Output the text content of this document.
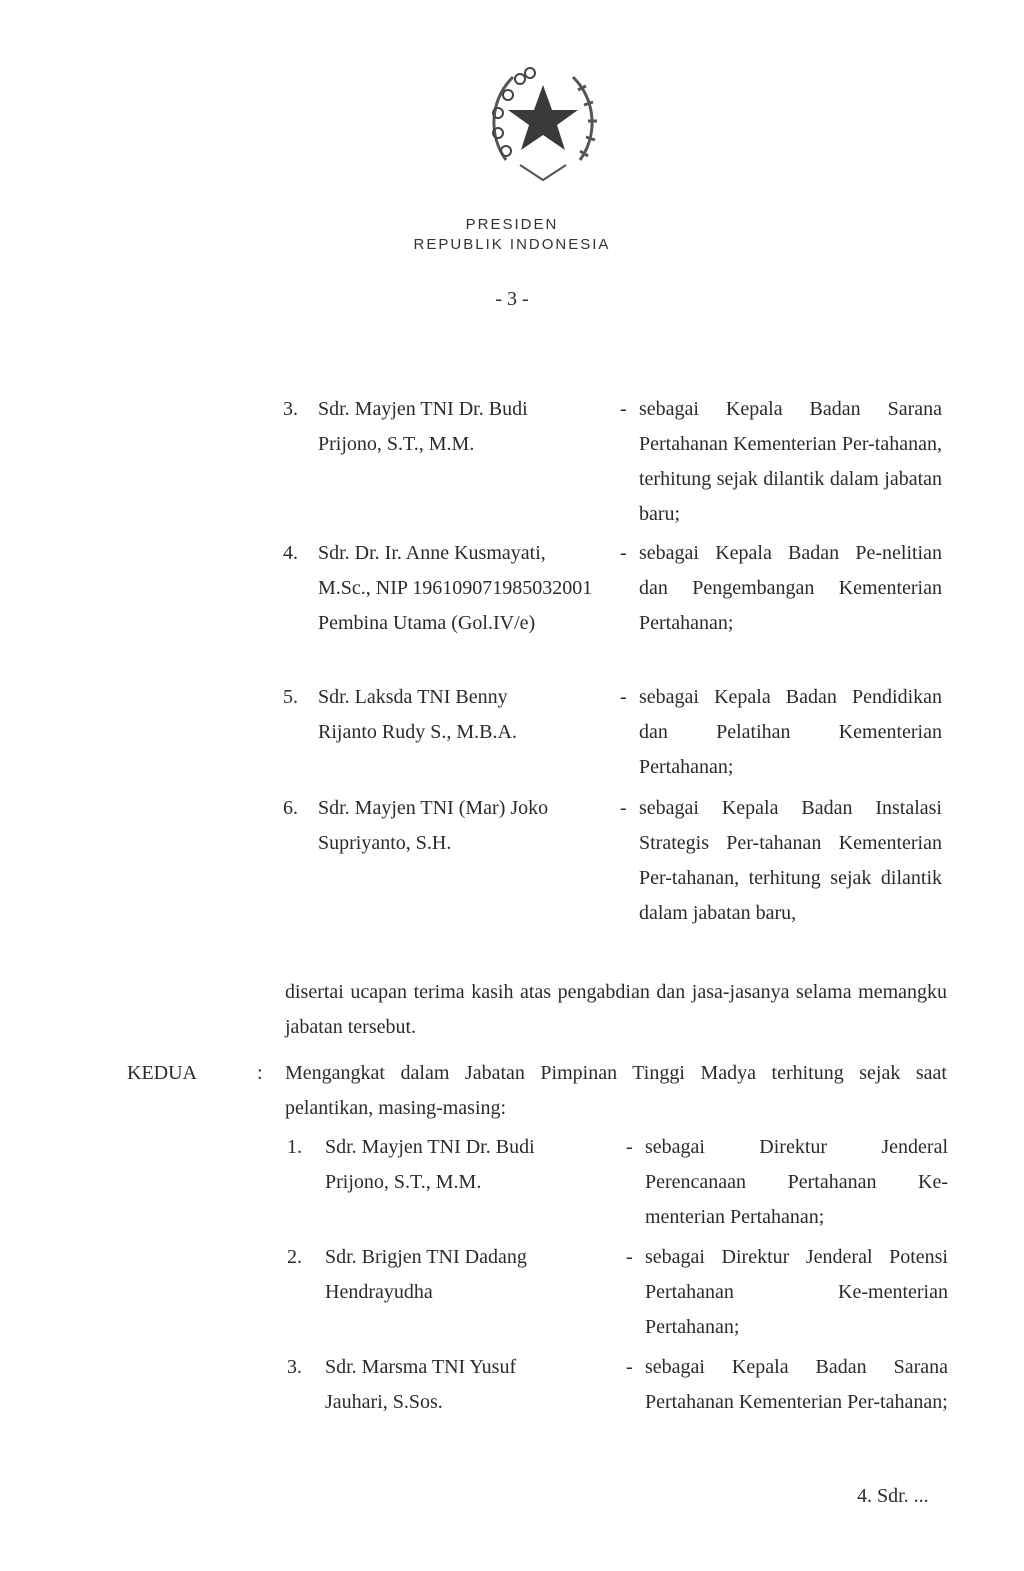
PRESIDEN
REPUBLIK INDONESIA
- 3 -
3. Sdr. Mayjen TNI Dr. Budi Prijono, S.T., M.M.
- sebagai Kepala Badan Sarana Pertahanan Kementerian Per-tahanan, terhitung sejak dilantik dalam jabatan baru;
4. Sdr. Dr. Ir. Anne Kusmayati, M.Sc., NIP 196109071985032001 Pembina Utama (Gol.IV/e)
- sebagai Kepala Badan Pe-nelitian dan Pengembangan Kementerian Pertahanan;
5. Sdr. Laksda TNI Benny Rijanto Rudy S., M.B.A.
- sebagai Kepala Badan Pendidikan dan Pelatihan Kementerian Pertahanan;
6. Sdr. Mayjen TNI (Mar) Joko Supriyanto, S.H.
- sebagai Kepala Badan Instalasi Strategis Per-tahanan Kementerian Per-tahanan, terhitung sejak dilantik dalam jabatan baru,
disertai ucapan terima kasih atas pengabdian dan jasa-jasanya selama memangku jabatan tersebut.
KEDUA	: Mengangkat dalam Jabatan Pimpinan Tinggi Madya terhitung sejak saat pelantikan, masing-masing:
1. Sdr. Mayjen TNI Dr. Budi Prijono, S.T., M.M.
- sebagai Direktur Jenderal Perencanaan Pertahanan Ke-menterian Pertahanan;
2. Sdr. Brigjen TNI Dadang Hendrayudha
- sebagai Direktur Jenderal Potensi Pertahanan Ke-menterian Pertahanan;
3. Sdr. Marsma TNI Yusuf Jauhari, S.Sos.
- sebagai Kepala Badan Sarana Pertahanan Kementerian Per-tahanan;
4. Sdr. ...
